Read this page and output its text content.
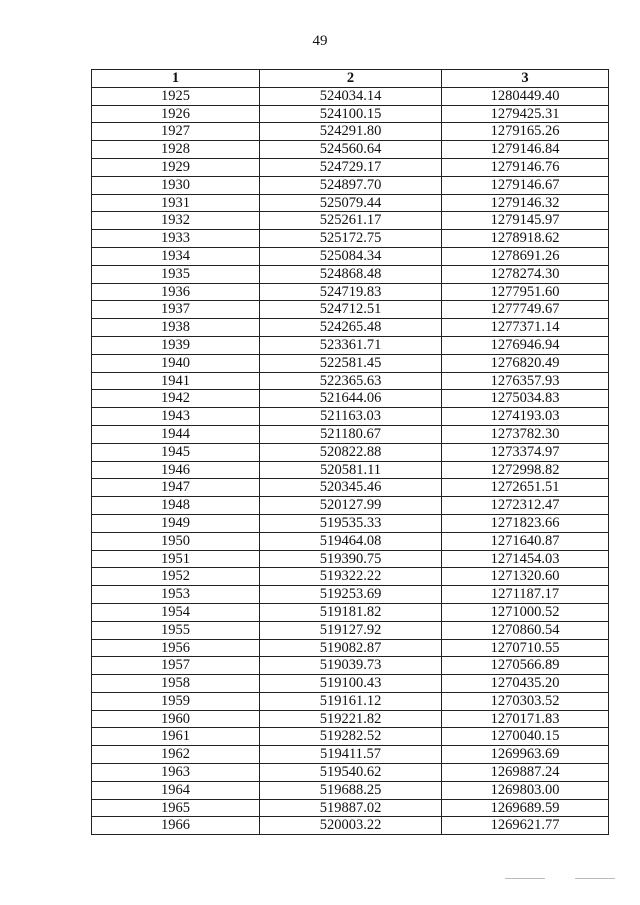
49
1	2	3
1925	524034.14	1280449.40
1926	524100.15	1279425.31
1927	524291.80	1279165.26
1928	524560.64	1279146.84
1929	524729.17	1279146.76
1930	524897.70	1279146.67
1931	525079.44	1279146.32
1932	525261.17	1279145.97
1933	525172.75	1278918.62
1934	525084.34	1278691.26
1935	524868.48	1278274.30
1936	524719.83	1277951.60
1937	524712.51	1277749.67
1938	524265.48	1277371.14
1939	523361.71	1276946.94
1940	522581.45	1276820.49
1941	522365.63	1276357.93
1942	521644.06	1275034.83
1943	521163.03	1274193.03
1944	521180.67	1273782.30
1945	520822.88	1273374.97
1946	520581.11	1272998.82
1947	520345.46	1272651.51
1948	520127.99	1272312.47
1949	519535.33	1271823.66
1950	519464.08	1271640.87
1951	519390.75	1271454.03
1952	519322.22	1271320.60
1953	519253.69	1271187.17
1954	519181.82	1271000.52
1955	519127.92	1270860.54
1956	519082.87	1270710.55
1957	519039.73	1270566.89
1958	519100.43	1270435.20
1959	519161.12	1270303.52
1960	519221.82	1270171.83
1961	519282.52	1270040.15
1962	519411.57	1269963.69
1963	519540.62	1269887.24
1964	519688.25	1269803.00
1965	519887.02	1269689.59
1966	520003.22	1269621.77
